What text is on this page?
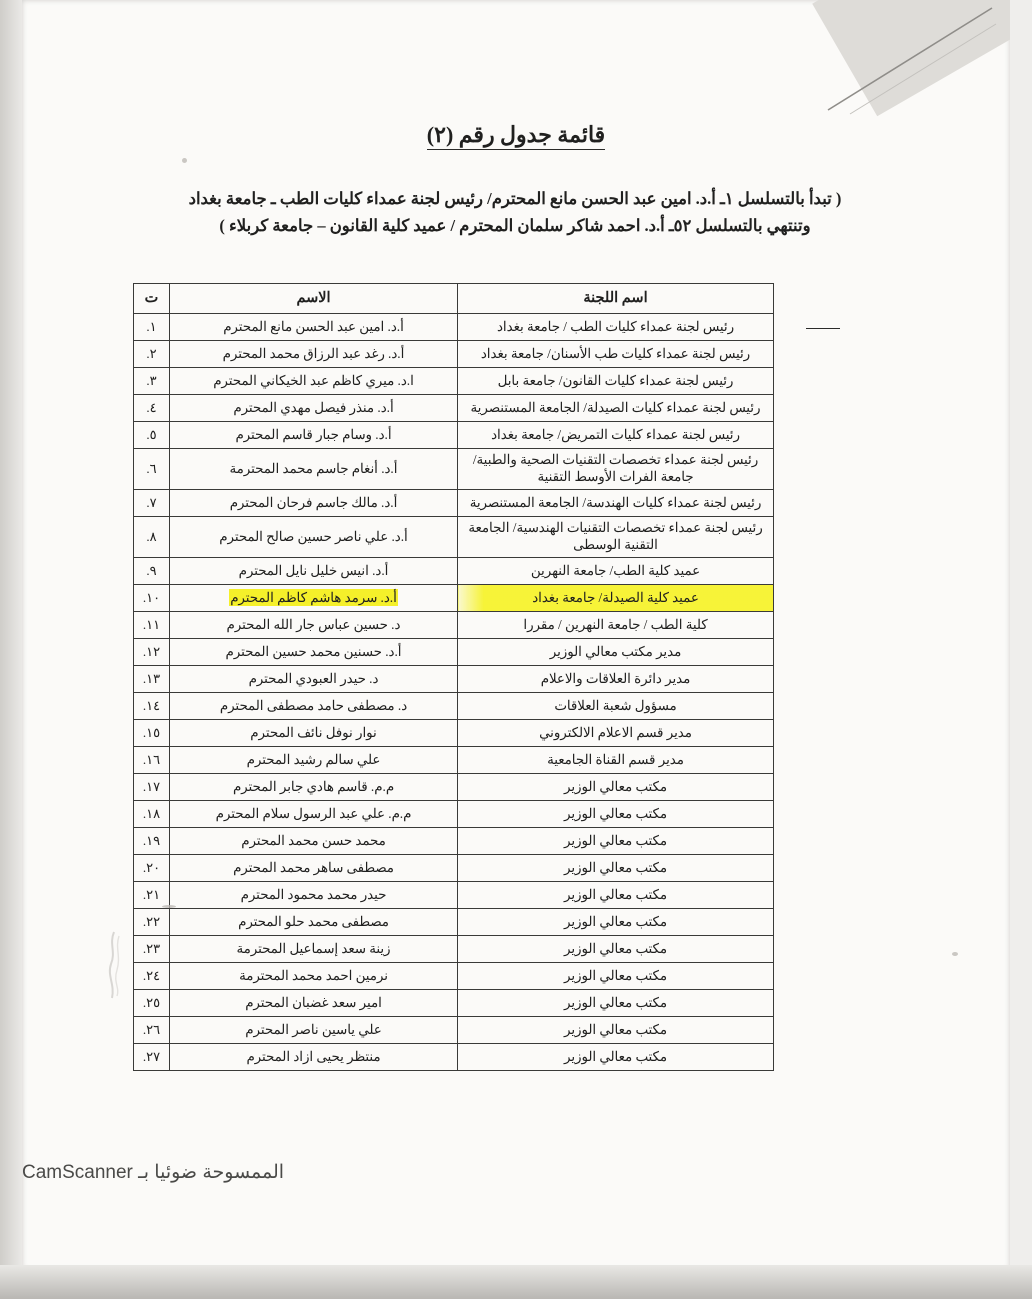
قائمة جدول رقم (٢)
( تبدأ بالتسلسل ١ـ أ.د. امين عبد الحسن مانع المحترم/ رئيس لجنة عمداء كليات الطب ـ جامعة بغداد
وتنتهي بالتسلسل ٥٢ـ أ.د. احمد شاكر سلمان المحترم / عميد كلية القانون – جامعة كربلاء )
اسم اللجنة	الاسم	ت
رئيس لجنة عمداء كليات الطب / جامعة بغداد	أ.د. امين عبد الحسن مانع المحترم	١.
رئيس لجنة عمداء كليات طب الأسنان/ جامعة بغداد	أ.د. رغد عبد الرزاق محمد المحترم	٢.
رئيس لجنة عمداء كليات القانون/ جامعة بابل	ا.د. ميري كاظم عبد الخيكاني المحترم	٣.
رئيس لجنة عمداء كليات الصيدلة/ الجامعة المستنصرية	أ.د. منذر فيصل مهدي المحترم	٤.
رئيس لجنة عمداء كليات التمريض/ جامعة بغداد	أ.د. وسام جبار قاسم المحترم	٥.
رئيس لجنة عمداء تخصصات التقنيات الصحية والطبية/ جامعة الفرات الأوسط التقنية	أ.د. أنغام جاسم محمد المحترمة	٦.
رئيس لجنة عمداء كليات الهندسة/ الجامعة المستنصرية	أ.د. مالك جاسم فرحان المحترم	٧.
رئيس لجنة عمداء تخصصات التقنيات الهندسية/ الجامعة التقنية الوسطى	أ.د. علي ناصر حسين صالح المحترم	٨.
عميد كلية الطب/ جامعة النهرين	أ.د. انيس خليل نايل المحترم	٩.
عميد كلية الصيدلة/ جامعة بغداد	أ.د. سرمد هاشم كاظم المحترم	١٠.
كلية الطب / جامعة النهرين / مقررا	د. حسين عباس جار الله المحترم	١١.
مدير مكتب معالي الوزير	أ.د. حسنين محمد حسين المحترم	١٢.
مدير دائرة العلاقات والاعلام	د. حيدر العبودي المحترم	١٣.
مسؤول شعبة العلاقات	د. مصطفى حامد مصطفى المحترم	١٤.
مدير قسم الاعلام الالكتروني	نوار نوفل نائف المحترم	١٥.
مدير قسم القناة الجامعية	علي سالم رشيد المحترم	١٦.
مكتب معالي الوزير	م.م. قاسم هادي جابر المحترم	١٧.
مكتب معالي الوزير	م.م. علي عبد الرسول سلام المحترم	١٨.
مكتب معالي الوزير	محمد حسن محمد المحترم	١٩.
مكتب معالي الوزير	مصطفى ساهر محمد المحترم	٢٠.
مكتب معالي الوزير	حيدر محمد محمود المحترم	٢١.
مكتب معالي الوزير	مصطفى محمد حلو المحترم	٢٢.
مكتب معالي الوزير	زينة سعد إسماعيل المحترمة	٢٣.
مكتب معالي الوزير	نرمين احمد محمد المحترمة	٢٤.
مكتب معالي الوزير	امير سعد غضبان المحترم	٢٥.
مكتب معالي الوزير	علي ياسين ناصر المحترم	٢٦.
مكتب معالي الوزير	منتظر يحيى ازاد المحترم	٢٧.
الممسوحة ضوئيا بـ CamScanner
